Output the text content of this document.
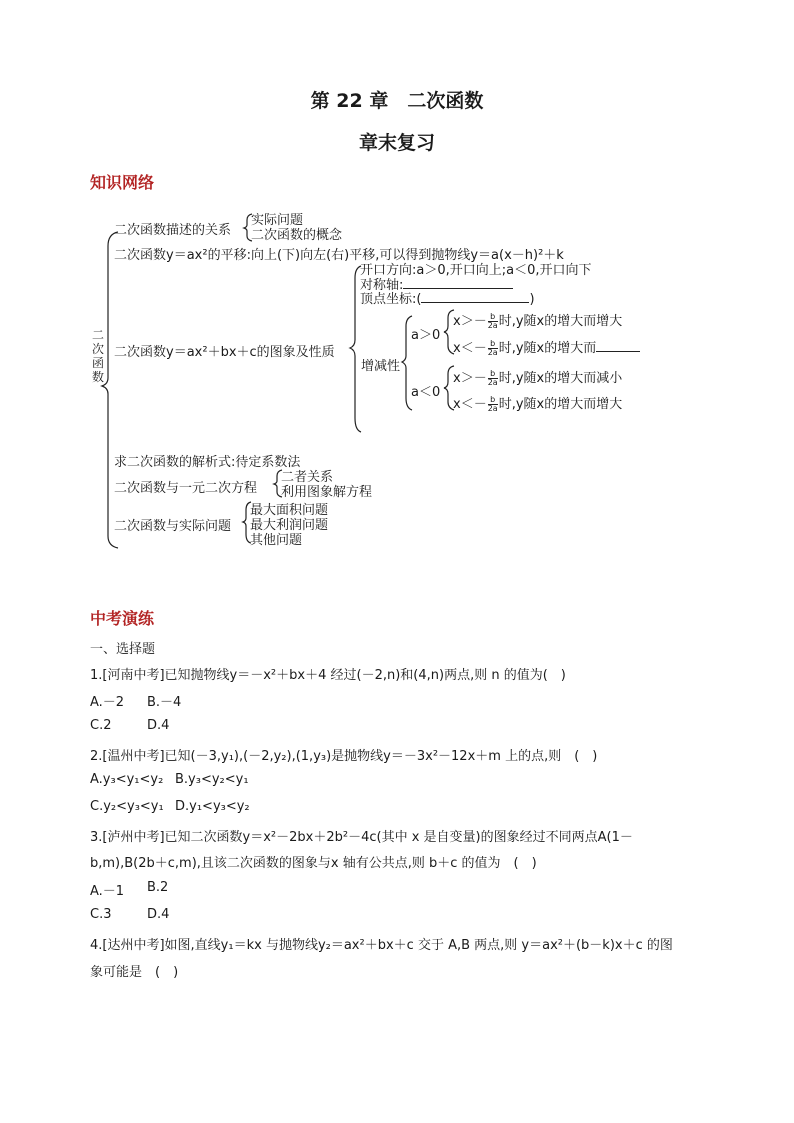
第 22 章　二次函数
章末复习
知识网络
二次函数
二次函数描述的关系
实际问题
二次函数的概念
二次函数y＝ax²的平移:向上(下)向左(右)平移,可以得到抛物线y＝a(x－h)²＋k
二次函数y＝ax²＋bx＋c的图象及性质
开口方向:a＞0,开口向上;a＜0,开口向下
对称轴:
顶点坐标:(	)
增减性
a＞0
a＜0
$x>- \frac{b}{2a}$ 时,y随x的增大而增大
$x<- \frac{b}{2a}$ 时,y随x的增大而
$x>- \frac{b}{2a}$ 时,y随x的增大而减小
$x<- \frac{b}{2a}$ 时,y随x的增大而增大
求二次函数的解析式:待定系数法
二次函数与一元二次方程
二者关系
利用图象解方程
二次函数与实际问题
最大面积问题
最大利润问题
其他问题
中考演练
一、选择题
1.[河南中考]已知抛物线y＝－x²＋bx＋4 经过(－2,n)和(4,n)两点,则 n 的值为(　)
A.－2 B.－4
C.2	D.4
2.[温州中考]已知(－3,y₁),(－2,y₂),(1,y₃)是抛物线y＝－3x²－12x＋m 上的点,则　(　)
A.y₃<y₁<y₂ B.y₃<y₂<y₁
C.y₂<y₃<y₁ D.y₁<y₃<y₂
3.[泸州中考]已知二次函数y＝x²－2bx＋2b²－4c(其中 x 是自变量)的图象经过不同两点A(1－
b,m),B(2b＋c,m),且该二次函数的图象与x 轴有公共点,则 b＋c 的值为　(　)
A.－1 B.2
C.3	D.4
4.[达州中考]如图,直线y₁＝kx 与抛物线y₂＝ax²＋bx＋c 交于 A,B 两点,则 y＝ax²＋(b－k)x＋c 的图
象可能是　(　)
